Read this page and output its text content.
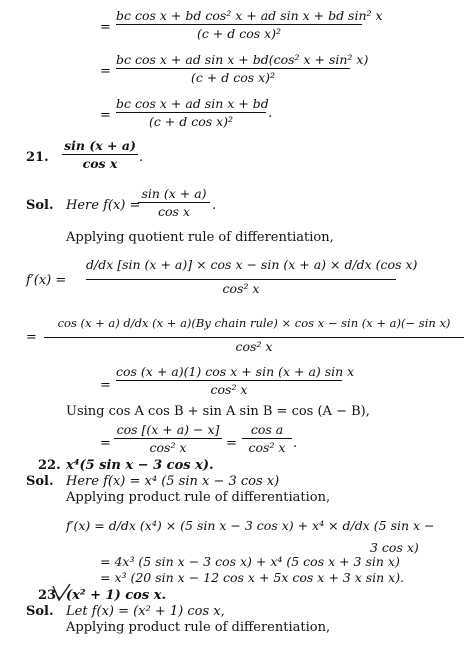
=
bc cos x + bd cos² x + ad sin x + bd sin² x
(c + d cos x)²
=
bc cos x + ad sin x + bd(cos² x + sin² x)
(c + d cos x)²
=
bc cos x + ad sin x + bd
(c + d cos x)²
.
21.
sin (x + a)
cos x	.
Sol. Here f(x) =
sin (x + a)
cos x	.
Applying quotient rule of differentiation,
f′(x) =
d/dx [sin (x + a)] × cos x − sin (x + a) × d/dx (cos x)
cos² x
=
cos (x + a) d/dx (x + a)(By chain rule) × cos x − sin (x + a)(− sin x)
cos² x
=
cos (x + a)(1) cos x + sin (x + a) sin x
cos² x
Using cos A cos B + sin A sin B = cos (A − B),
=
cos [(x + a) − x]
cos² x	=
cos a
cos² x .
22. x⁴(5 sin x − 3 cos x).
Sol. Here f(x) = x⁴ (5 sin x − 3 cos x)
Applying product rule of differentiation,
f′(x) = d/dx (x⁴) × (5 sin x − 3 cos x) + x⁴ × d/dx (5 sin x −
3 cos x)
= 4x³ (5 sin x − 3 cos x) + x⁴ (5 cos x + 3 sin x)
= x³ (20 sin x − 12 cos x + 5x cos x + 3 x sin x).
23. (x² + 1) cos x.
Sol. Let f(x) = (x² + 1) cos x,
Applying product rule of differentiation,
